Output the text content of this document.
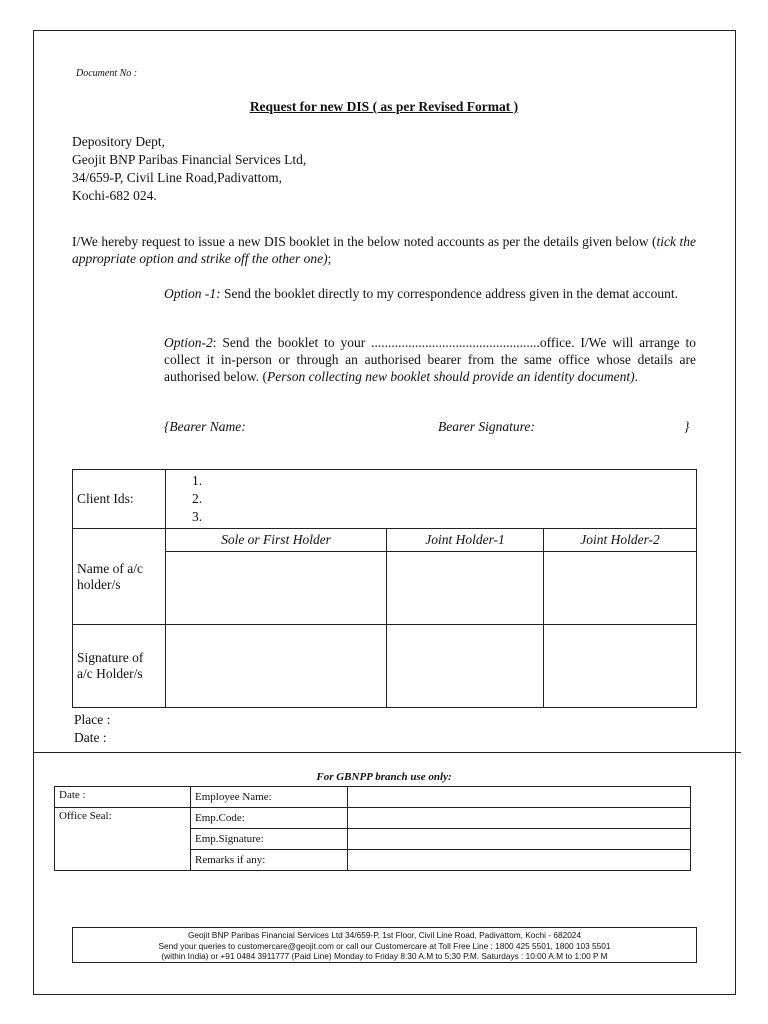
Document No :
Request for new DIS ( as per Revised Format )
Depository Dept,
Geojit BNP Paribas Financial Services Ltd,
34/659-P, Civil Line Road,Padivattom,
Kochi-682 024.
I/We hereby request to issue a new DIS booklet in the below noted accounts as per the details given below (tick the appropriate option and strike off the other one);
Option -1: Send the booklet directly to my correspondence address given in the demat account.
Option-2: Send the booklet to your ..................................................office. I/We will arrange to collect it in-person or through an authorised bearer from the same office whose details are authorised below. (Person collecting new booklet should provide an identity document).
{Bearer Name:	Bearer Signature:	}
Client Ids:	1.
2.
3.		

Name of a/c holder/s	Sole or First Holder	Joint Holder-1	Joint Holder-2

Signature of a/c Holder/s			
Place :
Date :
For GBNPP branch use only:
Date :	Employee Name:	
Office Seal:	Emp.Code:	
	Emp.Signature:	
	Remarks if any:	
Geojit BNP Paribas Financial Services Ltd 34/659-P, 1st Floor, Civil Line Road, Padivattom, Kochi - 682024
Send your queries to customercare@geojit.com or call our Customercare at Toll Free Line : 1800 425 5501, 1800 103 5501
(within India) or +91 0484 3911777 (Paid Line) Monday to Friday 8:30 A.M to 5:30 P.M. Saturdays : 10:00 A.M to 1:00 P M
